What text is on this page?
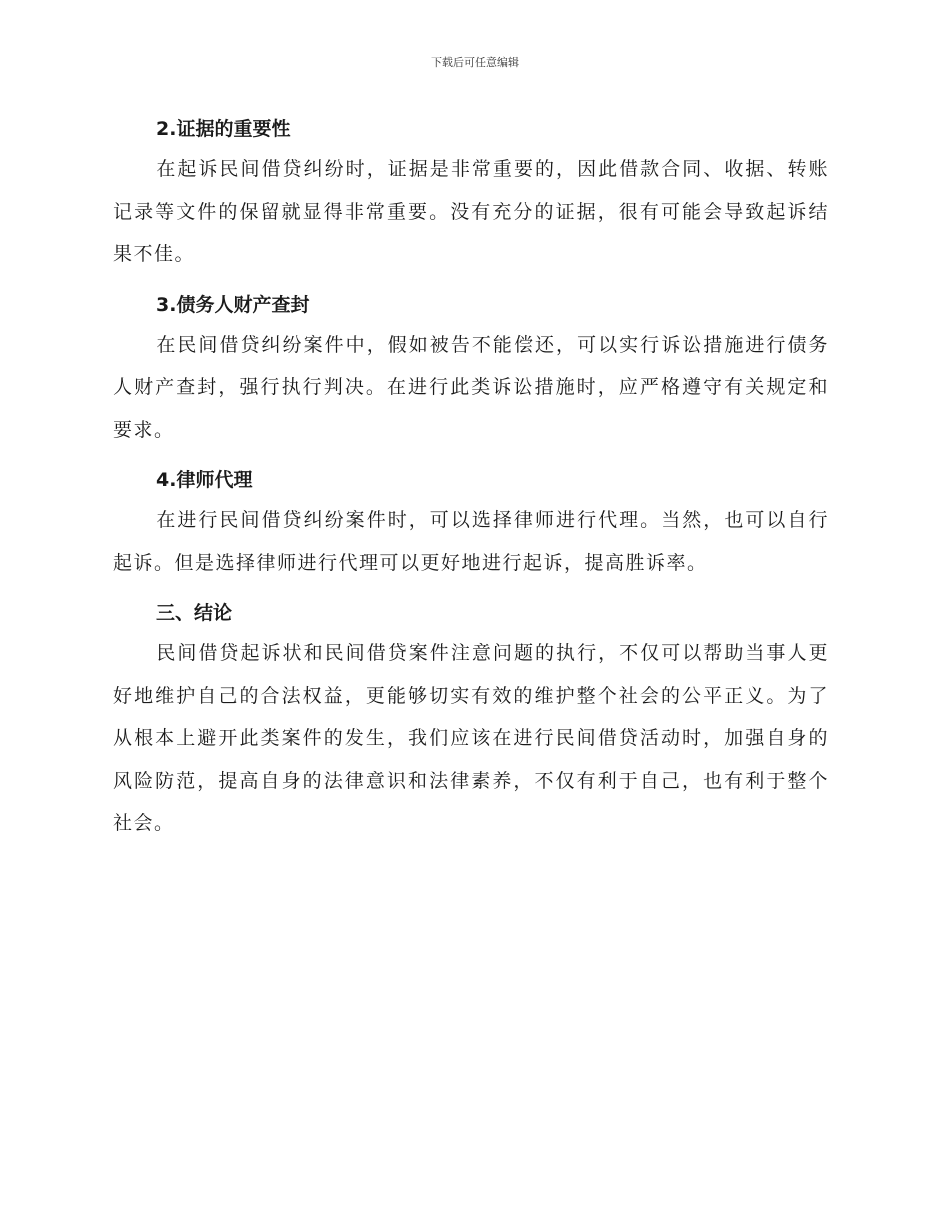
下载后可任意编辑
2.证据的重要性

在起诉民间借贷纠纷时，证据是非常重要的，因此借款合同、收据、转账记录等文件的保留就显得非常重要。没有充分的证据，很有可能会导致起诉结果不佳。

3.债务人财产查封

在民间借贷纠纷案件中，假如被告不能偿还，可以实行诉讼措施进行债务人财产查封，强行执行判决。在进行此类诉讼措施时，应严格遵守有关规定和要求。

4.律师代理

在进行民间借贷纠纷案件时，可以选择律师进行代理。当然，也可以自行起诉。但是选择律师进行代理可以更好地进行起诉，提高胜诉率。

三、结论

民间借贷起诉状和民间借贷案件注意问题的执行，不仅可以帮助当事人更好地维护自己的合法权益，更能够切实有效的维护整个社会的公平正义。为了从根本上避开此类案件的发生，我们应该在进行民间借贷活动时，加强自身的风险防范，提高自身的法律意识和法律素养，不仅有利于自己，也有利于整个社会。
